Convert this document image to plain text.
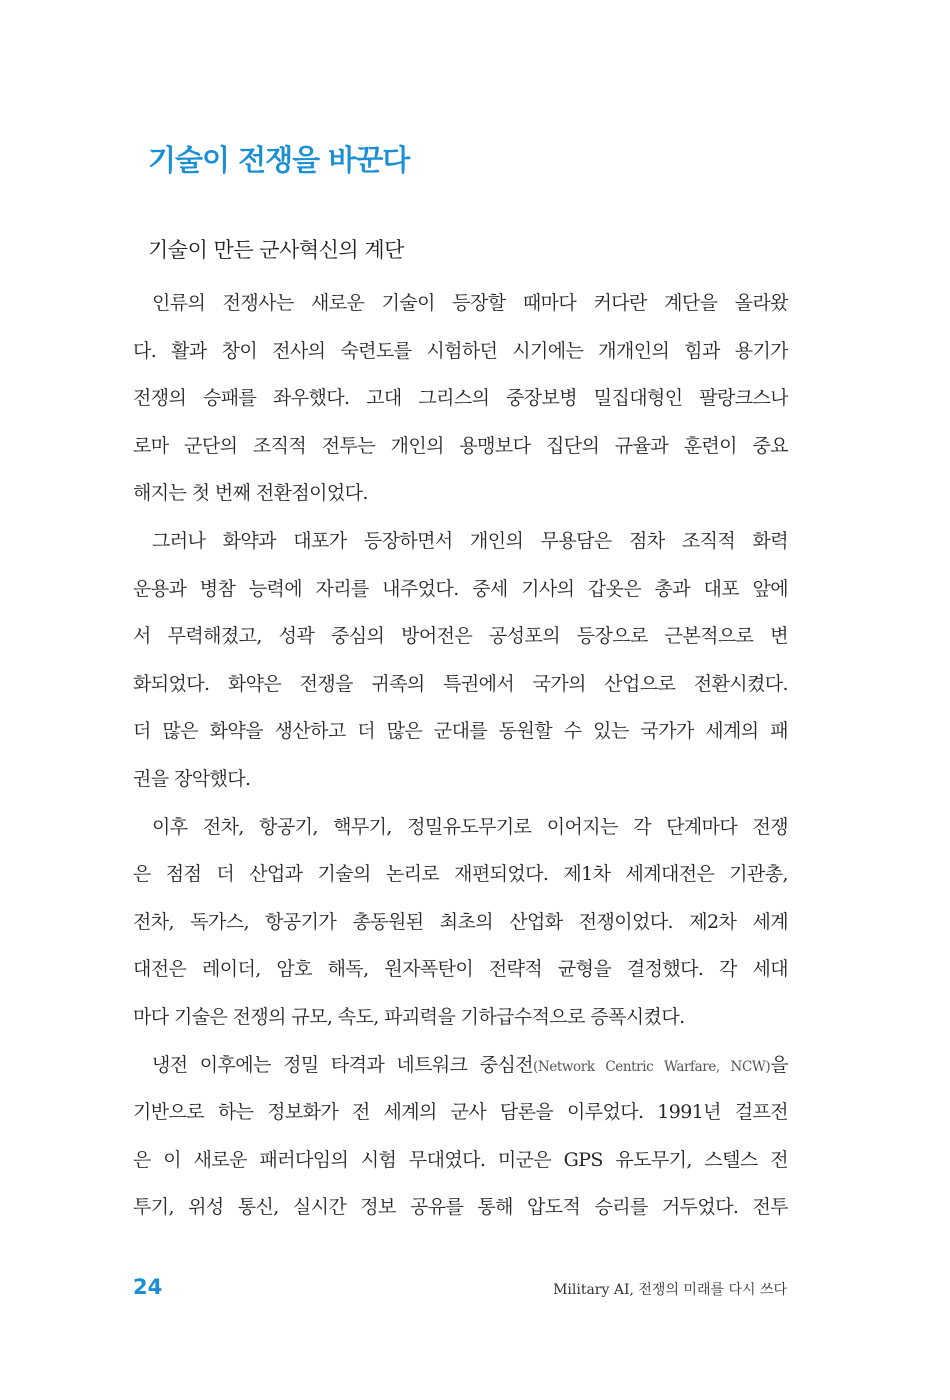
기술이 전쟁을 바꾼다
기술이 만든 군사혁신의 계단
인류의 전쟁사는 새로운 기술이 등장할 때마다 커다란 계단을 올라왔
다. 활과 창이 전사의 숙련도를 시험하던 시기에는 개개인의 힘과 용기가
전쟁의 승패를 좌우했다. 고대 그리스의 중장보병 밀집대형인 팔랑크스나
로마 군단의 조직적 전투는 개인의 용맹보다 집단의 규율과 훈련이 중요
해지는 첫 번째 전환점이었다.
그러나 화약과 대포가 등장하면서 개인의 무용담은 점차 조직적 화력
운용과 병참 능력에 자리를 내주었다. 중세 기사의 갑옷은 총과 대포 앞에
서 무력해졌고, 성곽 중심의 방어전은 공성포의 등장으로 근본적으로 변
화되었다. 화약은 전쟁을 귀족의 특권에서 국가의 산업으로 전환시켰다.
더 많은 화약을 생산하고 더 많은 군대를 동원할 수 있는 국가가 세계의 패
권을 장악했다.
이후 전차, 항공기, 핵무기, 정밀유도무기로 이어지는 각 단계마다 전쟁
은 점점 더 산업과 기술의 논리로 재편되었다. 제1차 세계대전은 기관총,
전차, 독가스, 항공기가 총동원된 최초의 산업화 전쟁이었다. 제2차 세계
대전은 레이더, 암호 해독, 원자폭탄이 전략적 균형을 결정했다. 각 세대
마다 기술은 전쟁의 규모, 속도, 파괴력을 기하급수적으로 증폭시켰다.
냉전 이후에는 정밀 타격과 네트워크 중심전(Network Centric Warfare, NCW)을
기반으로 하는 정보화가 전 세계의 군사 담론을 이루었다. 1991년 걸프전
은 이 새로운 패러다임의 시험 무대였다. 미군은 GPS 유도무기, 스텔스 전
투기, 위성 통신, 실시간 정보 공유를 통해 압도적 승리를 거두었다. 전투
24	Military AI, 전쟁의 미래를 다시 쓰다
